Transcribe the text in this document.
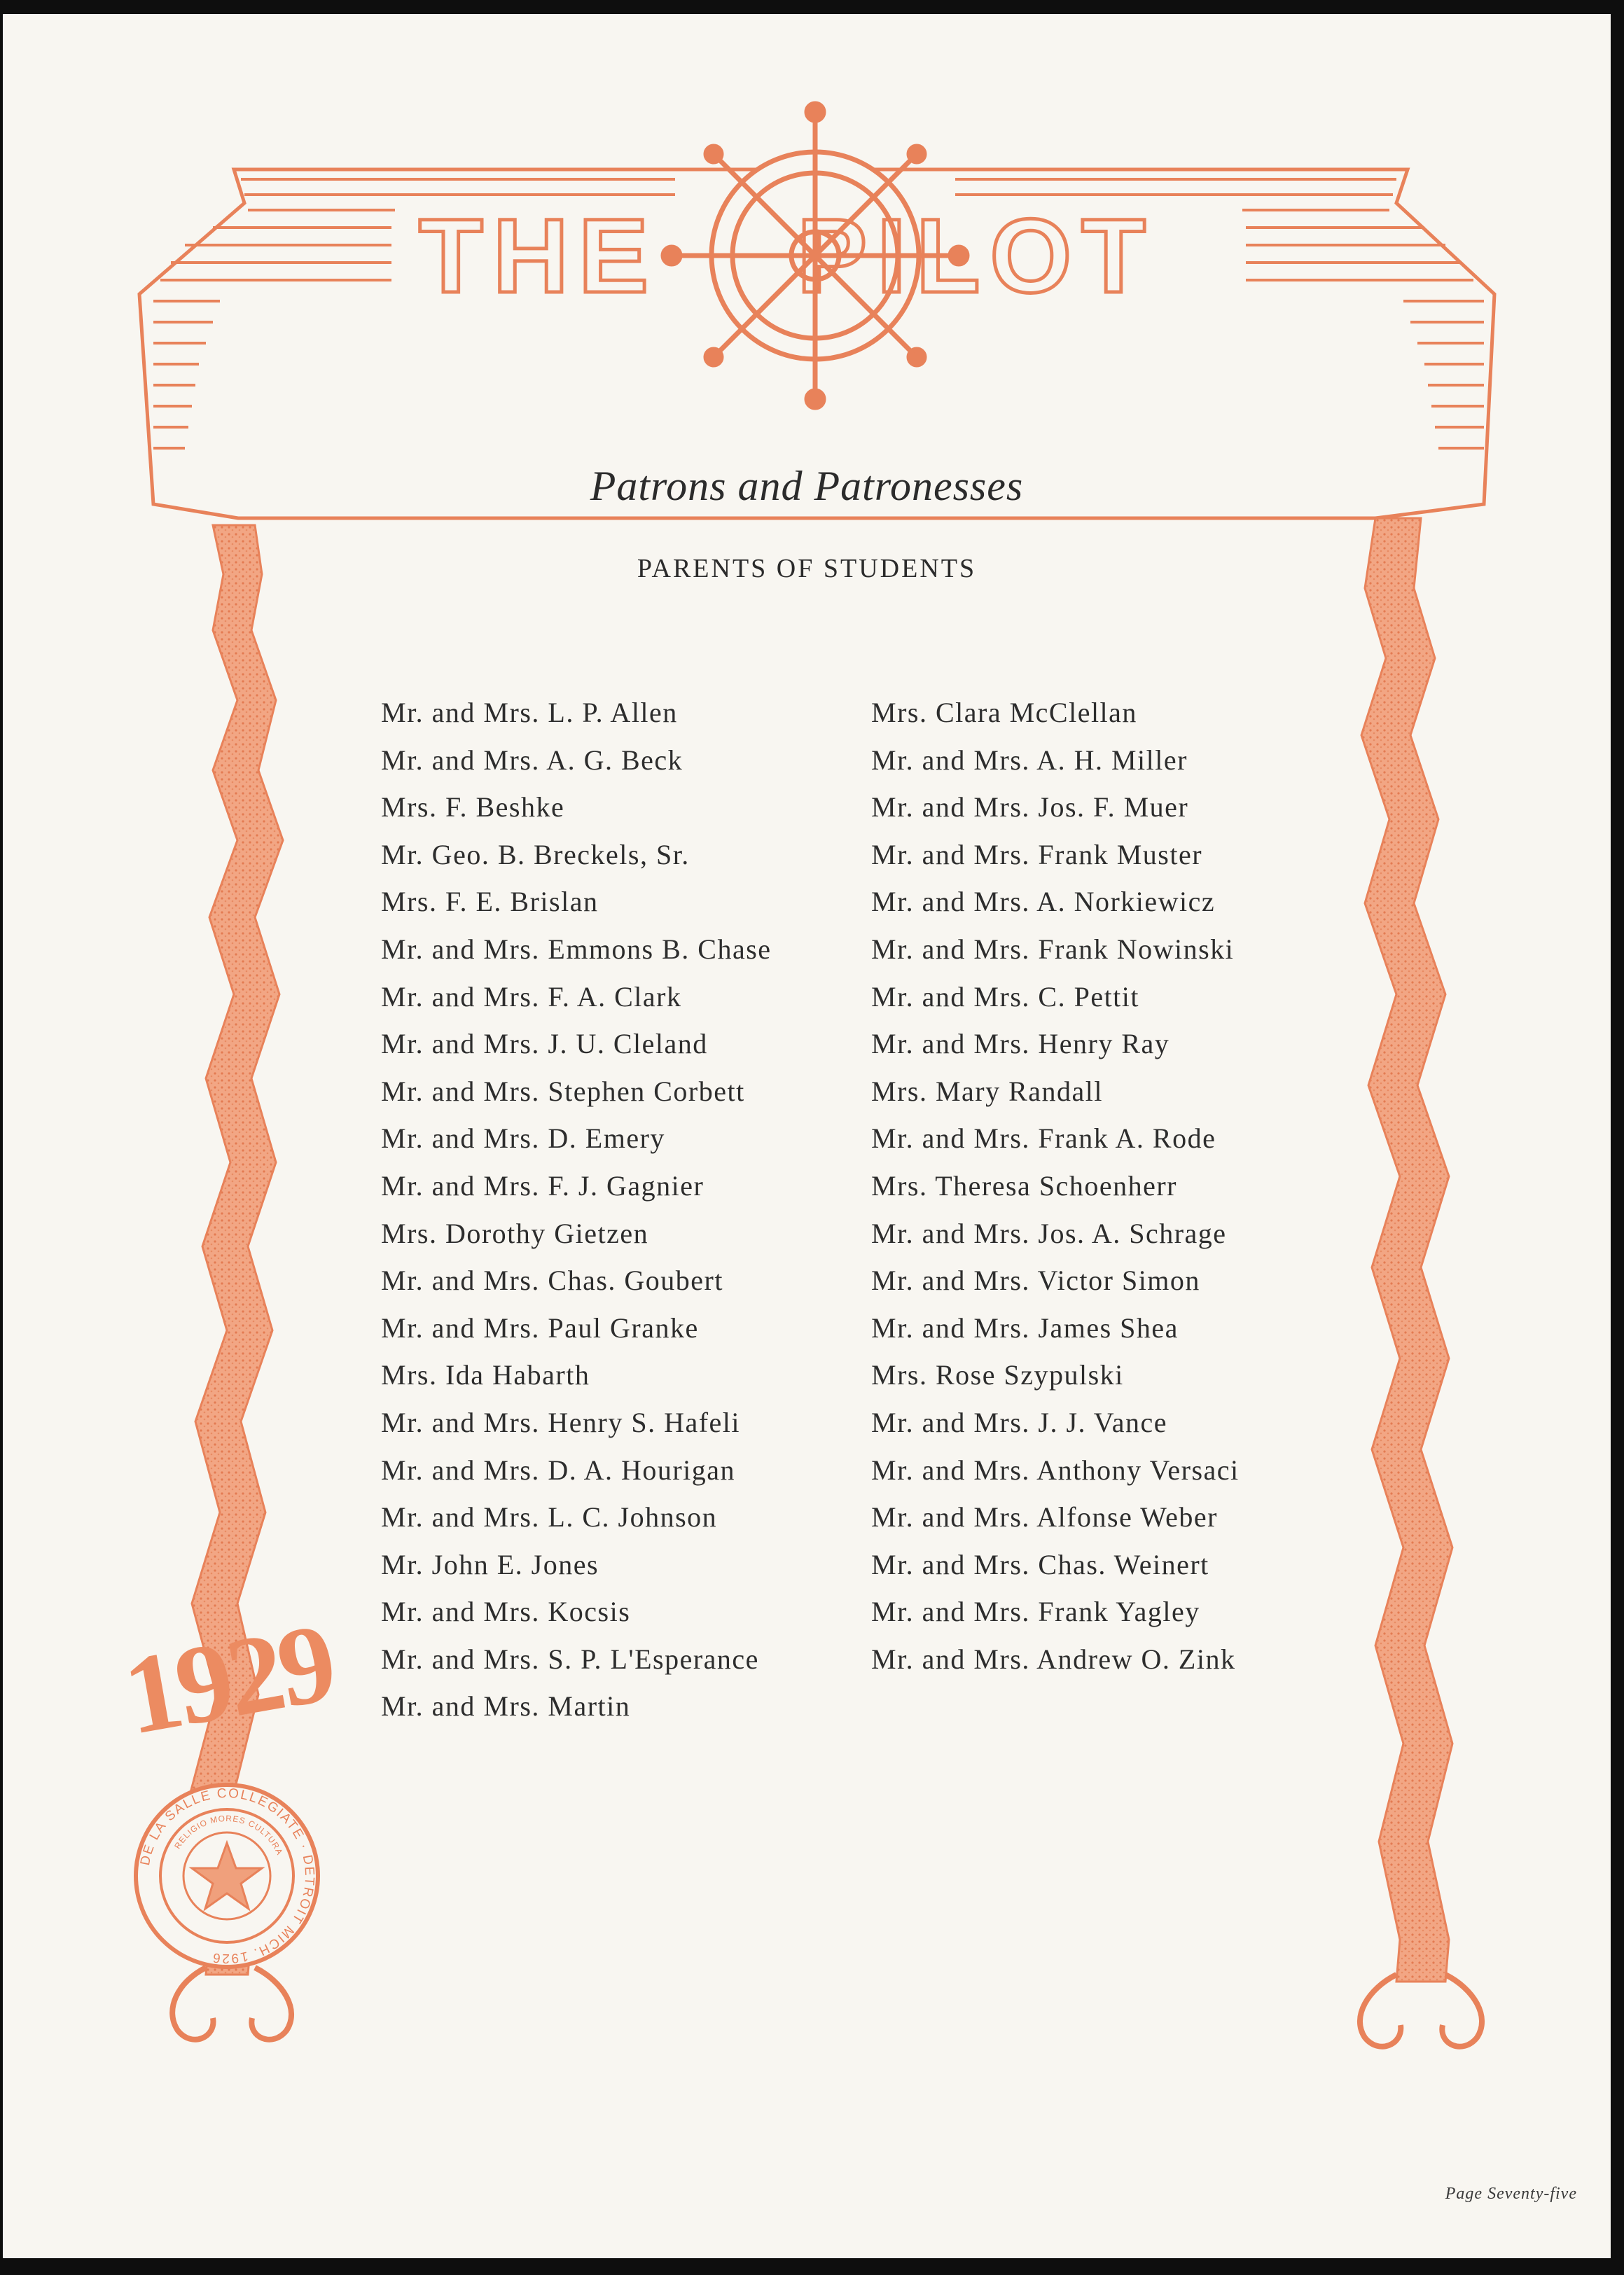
THE	PILOT
Patrons and Patronesses
PARENTS OF STUDENTS
Mr. and Mrs. L. P. Allen
Mr. and Mrs. A. G. Beck
Mrs. F. Beshke
Mr. Geo. B. Breckels, Sr.
Mrs. F. E. Brislan
Mr. and Mrs. Emmons B. Chase
Mr. and Mrs. F. A. Clark
Mr. and Mrs. J. U. Cleland
Mr. and Mrs. Stephen Corbett
Mr. and Mrs. D. Emery
Mr. and Mrs. F. J. Gagnier
Mrs. Dorothy Gietzen
Mr. and Mrs. Chas. Goubert
Mr. and Mrs. Paul Granke
Mrs. Ida Habarth
Mr. and Mrs. Henry S. Hafeli
Mr. and Mrs. D. A. Hourigan
Mr. and Mrs. L. C. Johnson
Mr. John E. Jones
Mr. and Mrs. Kocsis
Mr. and Mrs. S. P. L'Esperance
Mr. and Mrs. Martin
Mrs. Clara McClellan
Mr. and Mrs. A. H. Miller
Mr. and Mrs. Jos. F. Muer
Mr. and Mrs. Frank Muster
Mr. and Mrs. A. Norkiewicz
Mr. and Mrs. Frank Nowinski
Mr. and Mrs. C. Pettit
Mr. and Mrs. Henry Ray
Mrs. Mary Randall
Mr. and Mrs. Frank A. Rode
Mrs. Theresa Schoenherr
Mr. and Mrs. Jos. A. Schrage
Mr. and Mrs. Victor Simon
Mr. and Mrs. James Shea
Mrs. Rose Szypulski
Mr. and Mrs. J. J. Vance
Mr. and Mrs. Anthony Versaci
Mr. and Mrs. Alfonse Weber
Mr. and Mrs. Chas. Weinert
Mr. and Mrs. Frank Yagley
Mr. and Mrs. Andrew O. Zink
1929
DE LA SALLE COLLEGIATE · DETROIT MICH. 1926
RELIGIO MORES CULTURA
Page Seventy-five
